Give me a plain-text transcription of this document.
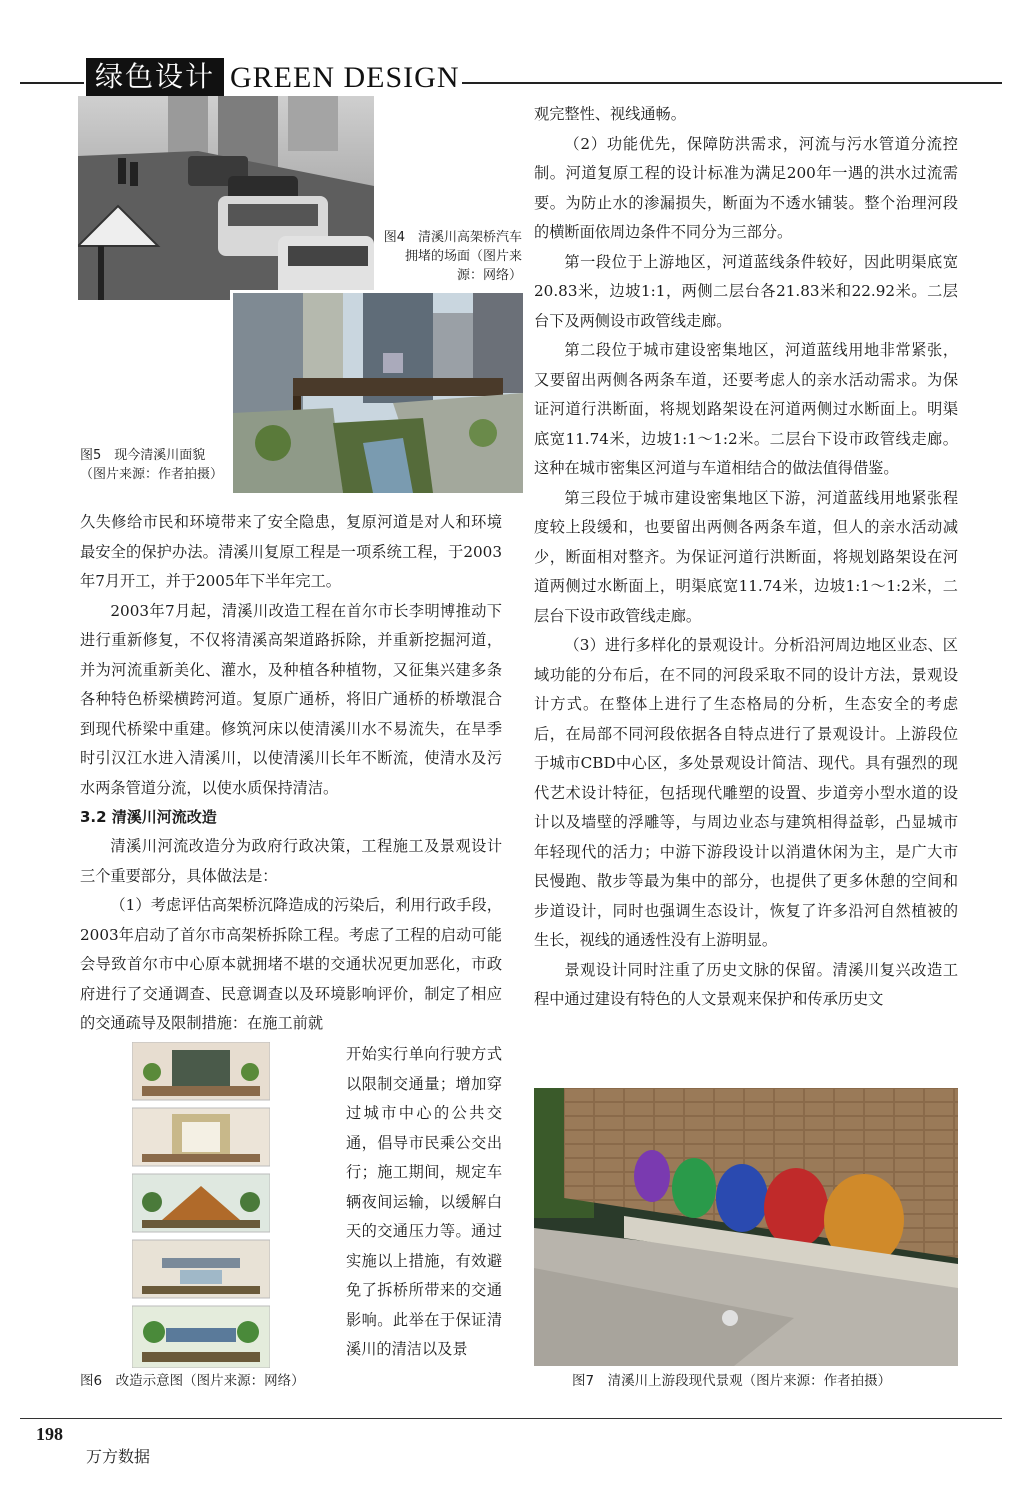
绿色设计 GREEN DESIGN
图4　清溪川高架桥汽车拥堵的场面（图片来源：网络）
图5　现今清溪川面貌（图片来源：作者拍摄）

久失修给市民和环境带来了安全隐患，复原河道是对人和环境最安全的保护办法。清溪川复原工程是一项系统工程，于2003年7月开工，并于2005年下半年完工。

2003年7月起，清溪川改造工程在首尔市长李明博推动下进行重新修复，不仅将清溪高架道路拆除，并重新挖掘河道，并为河流重新美化、灌水，及种植各种植物，又征集兴建多条各种特色桥梁横跨河道。复原广通桥，将旧广通桥的桥墩混合到现代桥梁中重建。修筑河床以使清溪川水不易流失，在旱季时引汉江水进入清溪川，以使清溪川长年不断流，使清水及污水两条管道分流，以使水质保持清洁。

3.2 清溪川河流改造

清溪川河流改造分为政府行政决策，工程施工及景观设计三个重要部分，具体做法是：

（1）考虑评估高架桥沉降造成的污染后，利用行政手段，2003年启动了首尔市高架桥拆除工程。考虑了工程的启动可能会导致首尔市中心原本就拥堵不堪的交通状况更加恶化，市政府进行了交通调查、民意调查以及环境影响评价，制定了相应的交通疏导及限制措施：在施工前就

开始实行单向行驶方式以限制交通量；增加穿过城市中心的公共交通，倡导市民乘公交出行；施工期间，规定车辆夜间运输，以缓解白天的交通压力等。通过实施以上措施，有效避免了拆桥所带来的交通影响。此举在于保证清溪川的清洁以及景

图6　改造示意图（图片来源：网络）

观完整性、视线通畅。

（2）功能优先，保障防洪需求，河流与污水管道分流控制。河道复原工程的设计标准为满足200年一遇的洪水过流需要。为防止水的渗漏损失，断面为不透水铺装。整个治理河段的横断面依周边条件不同分为三部分。

第一段位于上游地区，河道蓝线条件较好，因此明渠底宽20.83米，边坡1:1，两侧二层台各21.83米和22.92米。二层台下及两侧设市政管线走廊。

第二段位于城市建设密集地区，河道蓝线用地非常紧张，又要留出两侧各两条车道，还要考虑人的亲水活动需求。为保证河道行洪断面，将规划路架设在河道两侧过水断面上。明渠底宽11.74米，边坡1:1～1:2米。二层台下设市政管线走廊。这种在城市密集区河道与车道相结合的做法值得借鉴。

第三段位于城市建设密集地区下游，河道蓝线用地紧张程度较上段缓和，也要留出两侧各两条车道，但人的亲水活动减少，断面相对整齐。为保证河道行洪断面，将规划路架设在河道两侧过水断面上，明渠底宽11.74米，边坡1:1～1:2米，二层台下设市政管线走廊。

（3）进行多样化的景观设计。分析沿河周边地区业态、区域功能的分布后，在不同的河段采取不同的设计方法，景观设计方式。在整体上进行了生态格局的分析，生态安全的考虑后，在局部不同河段依据各自特点进行了景观设计。上游段位于城市CBD中心区，多处景观设计简洁、现代。具有强烈的现代艺术设计特征，包括现代雕塑的设置、步道旁小型水道的设计以及墙壁的浮雕等，与周边业态与建筑相得益彰，凸显城市年轻现代的活力；中游下游段设计以消遣休闲为主，是广大市民慢跑、散步等最为集中的部分，也提供了更多休憩的空间和步道设计，同时也强调生态设计，恢复了许多沿河自然植被的生长，视线的通透性没有上游明显。

景观设计同时注重了历史文脉的保留。清溪川复兴改造工程中通过建设有特色的人文景观来保护和传承历史文

图7　清溪川上游段现代景观（图片来源：作者拍摄）
198
万方数据
